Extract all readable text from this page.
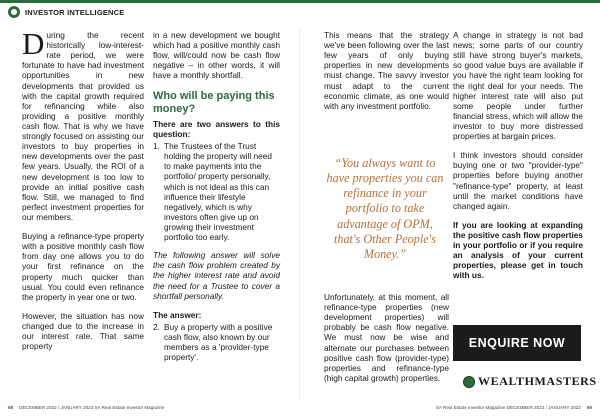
INVESTOR INTELLIGENCE

During the recent historically low-interest-rate period, we were fortunate to have had investment opportunities in new developments that provided us with the capital growth required for refinancing while also providing a positive monthly cash flow. That is why we have strongly focused on assisting our investors to buy properties in new developments over the past few years. Usually, the ROI of a new development is too low to provide an initial positive cash flow. Still, we managed to find perfect investment properties for our members.

Buying a refinance-type property with a positive monthly cash flow from day one allows you to do your first refinance on the property much quicker than usual. You could even refinance the property in year one or two.

However, the situation has now changed due to the increase in our interest rate. That same property

in a new development we bought which had a positive monthly cash flow, will/could now be cash flow negative – in other words, it will have a monthly shortfall.

Who will be paying this money?

There are two answers to this question:

1. The Trustees of the Trust holding the property will need to make payments into the portfolio/ property personally, which is not ideal as this can influence their lifestyle negatively, which is why investors often give up on growing their investment portfolio too early.

The following answer will solve the cash flow problem created by the higher interest rate and avoid the need for a Trustee to cover a shortfall personally.

The answer:

2. Buy a property with a positive cash flow, also known by our members as a 'provider-type property'.

This means that the strategy we've been following over the last few years of only buying properties in new developments must change. The savvy investor must adapt to the current economic climate, as one would with any investment portfolio.

Unfortunately, at this moment, all refinance-type properties (new development properties) will probably be cash flow negative. We must now be wise and alternate our purchases between positive cash flow (provider-type) properties and refinance-type (high capital growth) properties.

“You always want to have properties you can refinance in your portfolio to take advantage of OPM, that's Other People's Money.”

A change in strategy is not bad news; some parts of our country still have strong buyer's markets, so good value buys are available if you have the right team looking for the right deal for your needs. The higher interest rate will also put some people under further financial stress, which will allow the investor to buy more distressed properties at bargain prices.

I think investors should consider buying one or two "provider-type" properties before buying another "refinance-type" property, at least until the market conditions have changed again.

If you are looking at expanding the positive cash flow properties in your portfolio or if you require an analysis of your current properties, please get in touch with us.

ENQUIRE NOW
WEALTHMASTERS
68 DECEMBER 2022 / JANUARY 2023 SA Real Estate Investor Magazine	SA Real Estate Investor Magazine DECEMBER 2022 / JANUARY 2023 69
